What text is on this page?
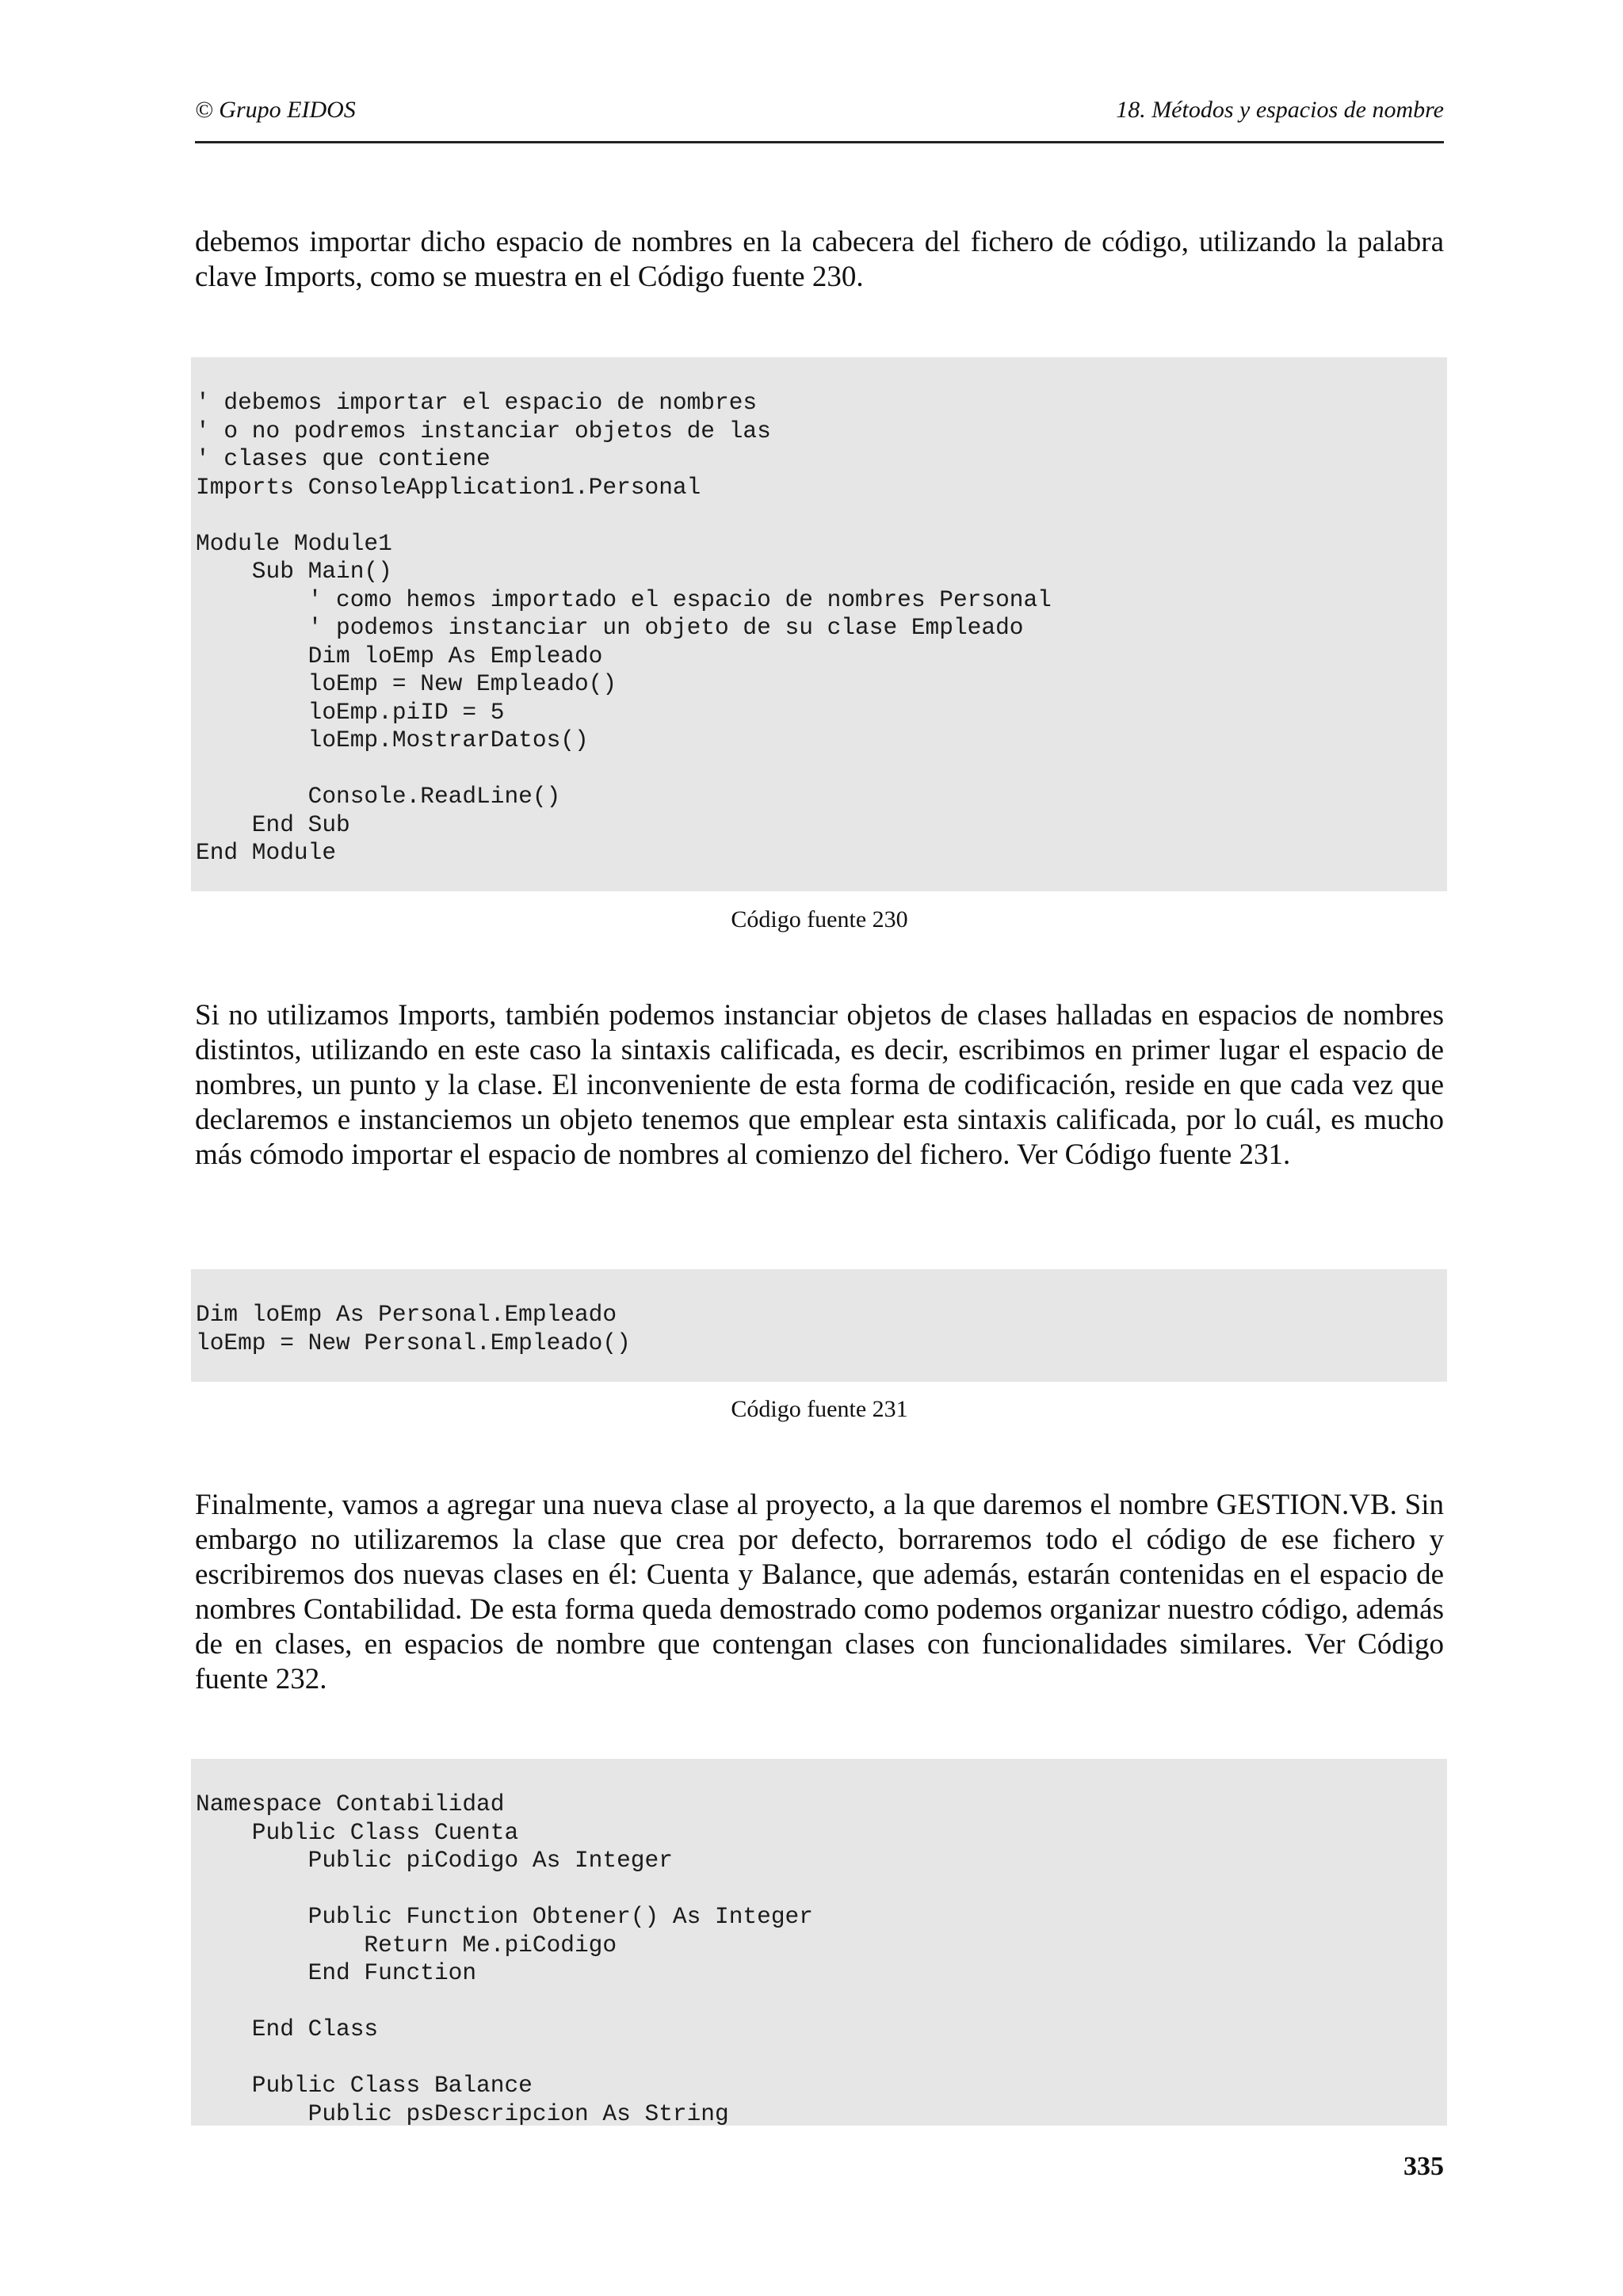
© Grupo EIDOS	18. Métodos y espacios de nombre

debemos importar dicho espacio de nombres en la cabecera del fichero de código, utilizando la palabra clave Imports, como se muestra en el Código fuente 230.

' debemos importar el espacio de nombres
' o no podremos instanciar objetos de las
' clases que contiene
Imports ConsoleApplication1.Personal
Module Module1
Sub Main()
' como hemos importado el espacio de nombres Personal
' podemos instanciar un objeto de su clase Empleado
Dim loEmp As Empleado
loEmp = New Empleado()
loEmp.piID = 5
loEmp.MostrarDatos()
Console.ReadLine()
End Sub
End Module
Código fuente 230

Si no utilizamos Imports, también podemos instanciar objetos de clases halladas en espacios de nombres distintos, utilizando en este caso la sintaxis calificada, es decir, escribimos en primer lugar el espacio de nombres, un punto y la clase. El inconveniente de esta forma de codificación, reside en que cada vez que declaremos e instanciemos un objeto tenemos que emplear esta sintaxis calificada, por lo cuál, es mucho más cómodo importar el espacio de nombres al comienzo del fichero. Ver Código fuente 231.

Dim loEmp As Personal.Empleado
loEmp = New Personal.Empleado()
Código fuente 231

Finalmente, vamos a agregar una nueva clase al proyecto, a la que daremos el nombre GESTION.VB. Sin embargo no utilizaremos la clase que crea por defecto, borraremos todo el código de ese fichero y escribiremos dos nuevas clases en él: Cuenta y Balance, que además, estarán contenidas en el espacio de nombres Contabilidad. De esta forma queda demostrado como podemos organizar nuestro código, además de en clases, en espacios de nombre que contengan clases con funcionalidades similares. Ver Código fuente 232.

Namespace Contabilidad
Public Class Cuenta
Public piCodigo As Integer
Public Function Obtener() As Integer
Return Me.piCodigo
End Function
End Class
Public Class Balance
Public psDescripcion As String
335
